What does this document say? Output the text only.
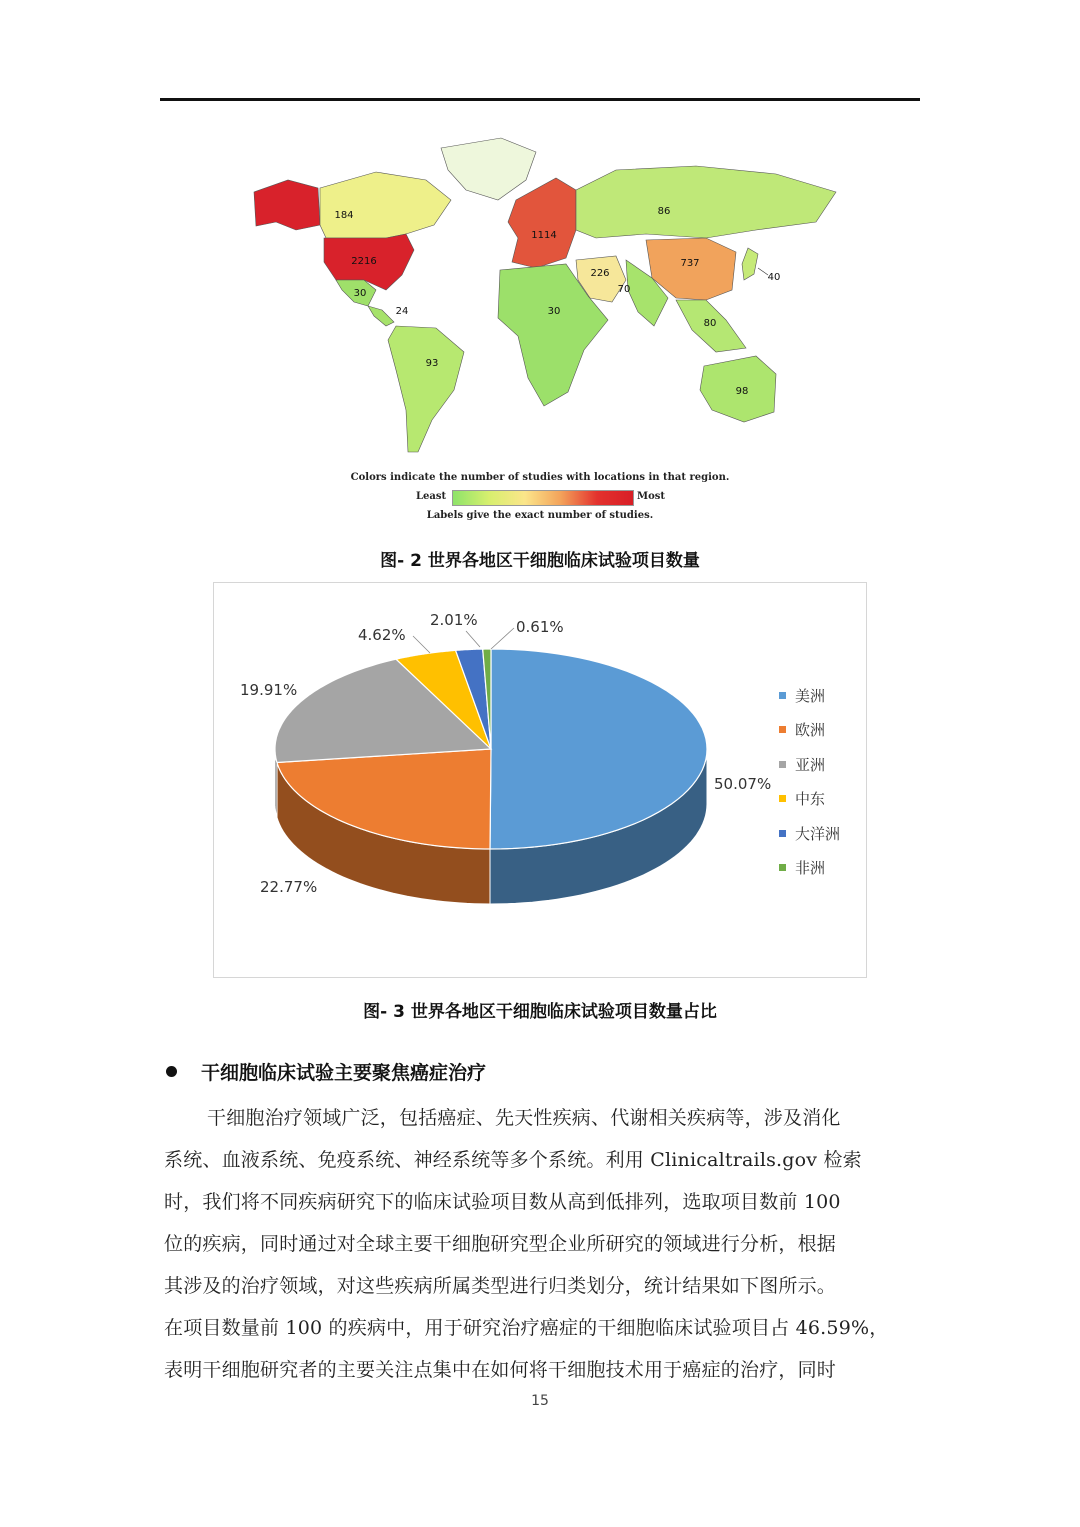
184
2216
30
24
93
1114
86
737
40
226
70
80
30
98
Colors indicate the number of studies with locations in that region.
Least	Most
Labels give the exact number of studies.
图- 2 世界各地区干细胞临床试验项目数量
50.07%
22.77%
19.91%
4.62%
2.01%	0.61%
美洲
欧洲
亚洲
中东
大洋洲
非洲
图- 3 世界各地区干细胞临床试验项目数量占比
干细胞临床试验主要聚焦癌症治疗
干细胞治疗领域广泛，包括癌症、先天性疾病、代谢相关疾病等，涉及消化
系统、血液系统、免疫系统、神经系统等多个系统。利用 Clinicaltrails.gov 检索
时，我们将不同疾病研究下的临床试验项目数从高到低排列，选取项目数前 100
位的疾病，同时通过对全球主要干细胞研究型企业所研究的领域进行分析，根据
其涉及的治疗领域，对这些疾病所属类型进行归类划分，统计结果如下图所示。
在项目数量前 100 的疾病中，用于研究治疗癌症的干细胞临床试验项目占 46.59%，
表明干细胞研究者的主要关注点集中在如何将干细胞技术用于癌症的治疗，同时
15
